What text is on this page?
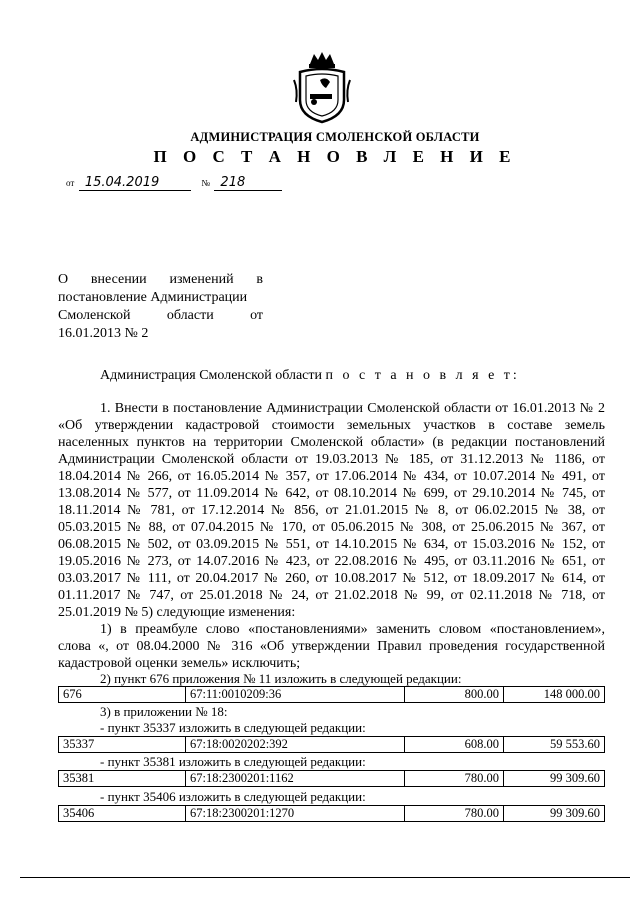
АДМИНИСТРАЦИЯ СМОЛЕНСКОЙ ОБЛАСТИ
П О С Т А Н О В Л Е Н И Е
от 15.04.2019	№ 218
О внесении изменений в
постановление Администрации
Смоленской области от
16.01.2013 № 2
Администрация Смоленской области п о с т а н о в л я е т:

1. Внести в постановление Администрации Смоленской области от 16.01.2013 № 2 «Об утверждении кадастровой стоимости земельных участков в составе земель населенных пунктов на территории Смоленской области» (в редакции постановлений Администрации Смоленской области от 19.03.2013 № 185, от 31.12.2013 № 1186, от 18.04.2014 № 266, от 16.05.2014 № 357, от 17.06.2014 № 434, от 10.07.2014 № 491, от 13.08.2014 № 577, от 11.09.2014 № 642, от 08.10.2014 № 699, от 29.10.2014 № 745, от 18.11.2014 № 781, от 17.12.2014 № 856, от 21.01.2015 № 8, от 06.02.2015 № 38, от 05.03.2015 № 88, от 07.04.2015 № 170, от 05.06.2015 № 308, от 25.06.2015 № 367, от 06.08.2015 № 502, от 03.09.2015 № 551, от 14.10.2015 № 634, от 15.03.2016 № 152, от 19.05.2016 № 273, от 14.07.2016 № 423, от 22.08.2016 № 495, от 03.11.2016 № 651, от 03.03.2017 № 111, от 20.04.2017 № 260, от 10.08.2017 № 512, от 18.09.2017 № 614, от 01.11.2017 № 747, от 25.01.2018 № 24, от 21.02.2018 № 99, от 02.11.2018 № 718, от 25.01.2019 № 5) следующие изменения:

1) в преамбуле слово «постановлениями» заменить словом «постановлением», слова «, от 08.04.2000 № 316 «Об утверждении Правил проведения государственной кадастровой оценки земель» исключить;

2) пункт 676 приложения № 11 изложить в следующей редакции:
676	67:11:0010209:36	800.00	148 000.00
3) в приложении № 18:
- пункт 35337 изложить в следующей редакции:
35337	67:18:0020202:392	608.00	59 553.60
- пункт 35381 изложить в следующей редакции:
35381	67:18:2300201:1162	780.00	99 309.60
- пункт 35406 изложить в следующей редакции:
35406	67:18:2300201:1270	780.00	99 309.60
